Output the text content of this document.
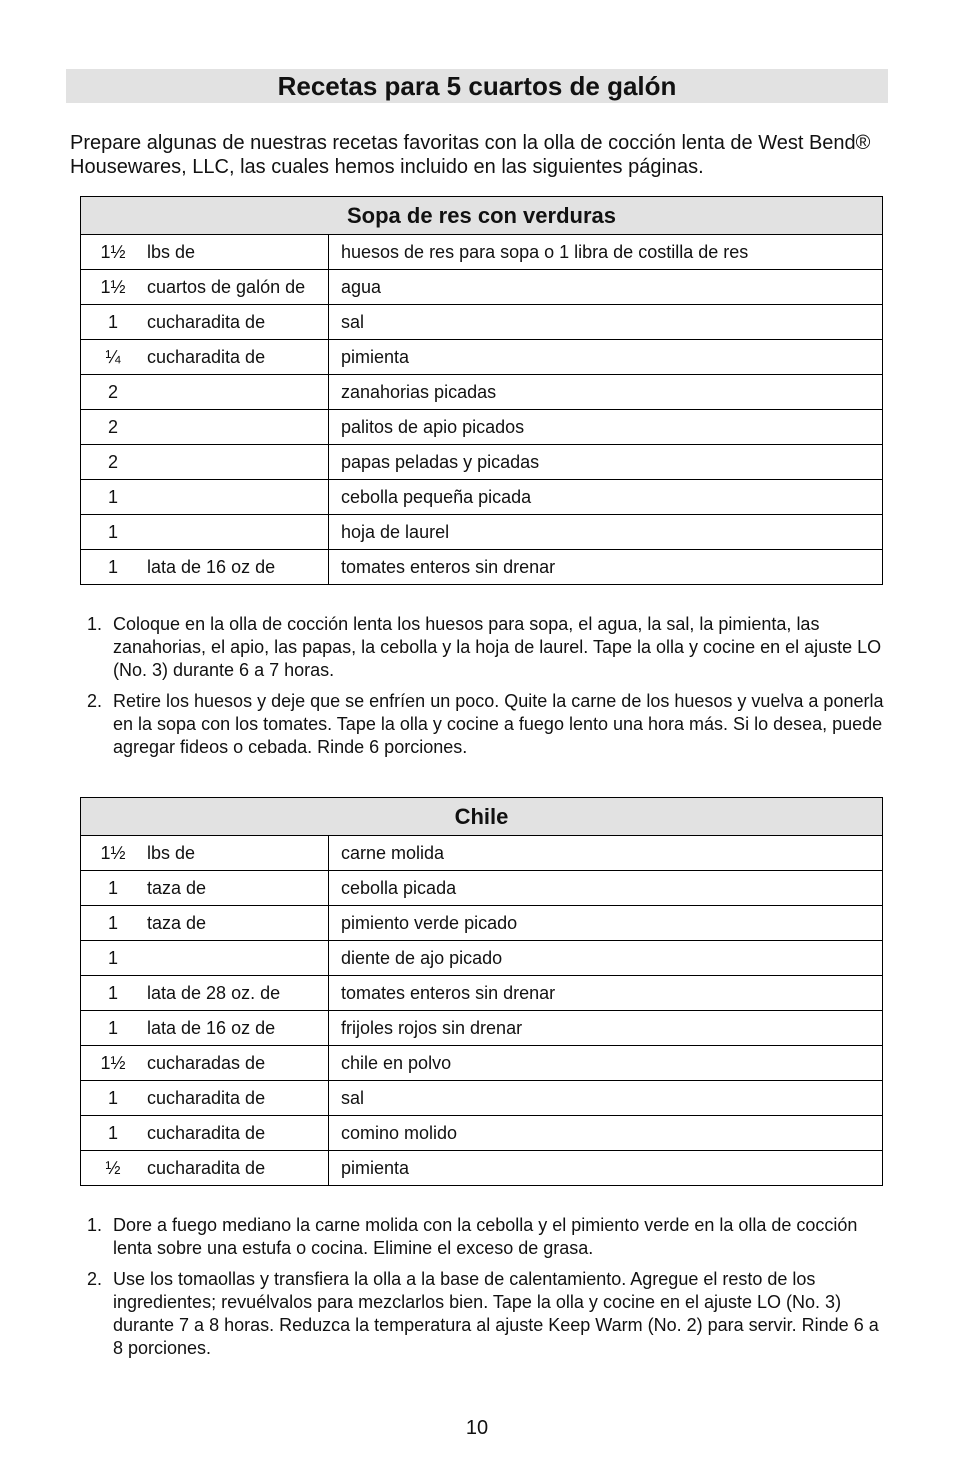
Recetas para 5 cuartos de galón

Prepare algunas de nuestras recetas favoritas con la olla de cocción lenta de West Bend® Housewares, LLC, las cuales hemos incluido en las siguientes páginas.

Sopa de res con verduras	

1½ lbs de	huesos de res para sopa o 1 libra de costilla de res

1½ cuartos de galón de	agua

1 cucharadita de	sal

¼ cucharadita de	pimienta

2	zanahorias picadas

2	palitos de apio picados

2	papas peladas y picadas

1	cebolla pequeña picada

1	hoja de laurel

1 lata de 16 oz de	tomates enteros sin drenar
1. Coloque en la olla de cocción lenta los huesos para sopa, el agua, la sal, la pimienta, las zanahorias, el apio, las papas, la cebolla y la hoja de laurel. Tape la olla y cocine en el ajuste LO (No. 3) durante 6 a 7 horas.
2. Retire los huesos y deje que se enfríen un poco. Quite la carne de los huesos y vuelva a ponerla en la sopa con los tomates. Tape la olla y cocine a fuego lento una hora más. Si lo desea, puede agregar fideos o cebada. Rinde 6 porciones.
Chile	

1½ lbs de	carne molida

1 taza de	cebolla picada

1 taza de	pimiento verde picado

1	diente de ajo picado

1 lata de 28 oz. de	tomates enteros sin drenar

1 lata de 16 oz de	frijoles rojos sin drenar

1½ cucharadas de	chile en polvo

1 cucharadita de	sal

1 cucharadita de	comino molido

½ cucharadita de	pimienta
1. Dore a fuego mediano la carne molida con la cebolla y el pimiento verde en la olla de cocción lenta sobre una estufa o cocina. Elimine el exceso de grasa.
2. Use los tomaollas y transfiera la olla a la base de calentamiento. Agregue el resto de los ingredientes; revuélvalos para mezclarlos bien. Tape la olla y cocine en el ajuste LO (No. 3) durante 7 a 8 horas. Reduzca la temperatura al ajuste Keep Warm (No. 2) para servir. Rinde 6 a 8 porciones.
10
